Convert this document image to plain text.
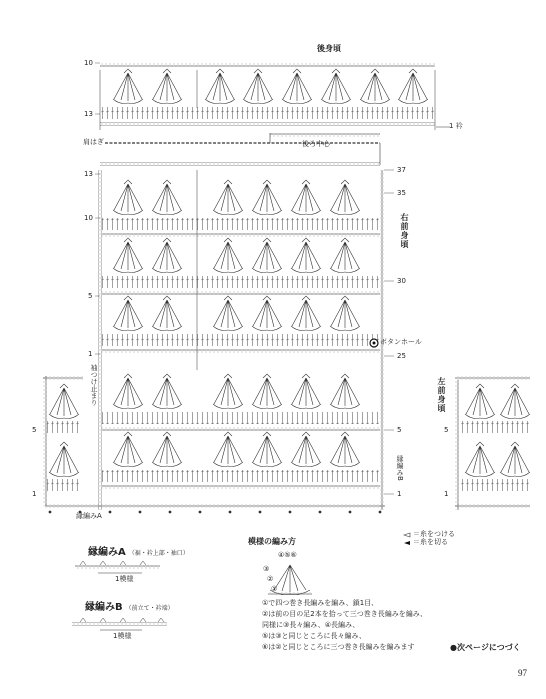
後身頃
10
13
1 衿
肩はぎ	後ろ中心
13
10
5
1
37
35
30
25
5
1
右前身頃
ボタンホール
袖つけ止まり
5
1
縁編みB
縁編みA
左前身頃
5
1
＝糸をつける
＝糸を切る
縁編みA （裾・衿上部・袖口）
1模様
縁編みB （前立て・衿端）
1模様
模様の編み方
④⑤⑥
③
②
①
①で四つ巻き長編みを編み、鎖1目、
②は前の目の足2本を拾って三つ巻き長編みを編み、
同様に③長々編み、④長編み、
⑤は③と同じところに長々編み、
⑥は②と同じところに三つ巻き長編みを編みます	●次ページにつづく
97
